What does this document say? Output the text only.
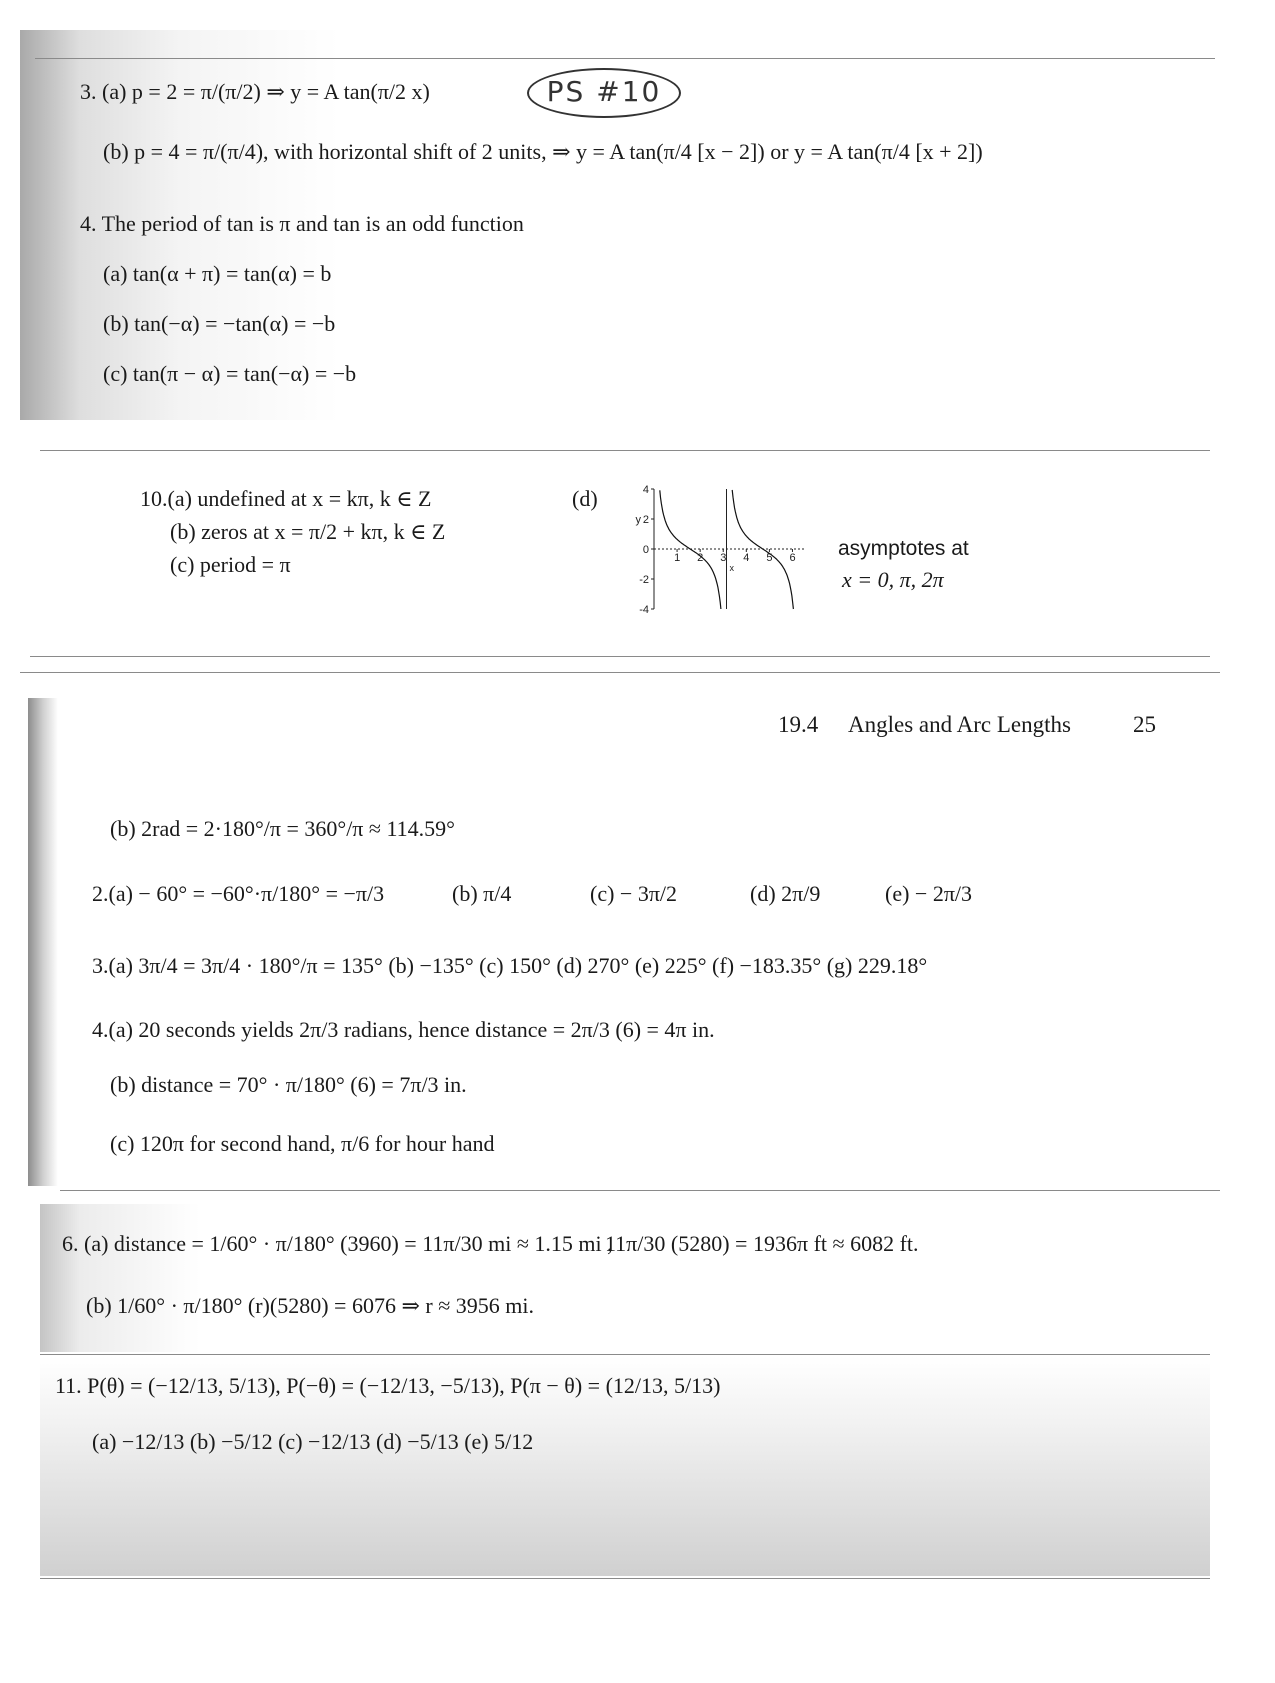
PS #10
3. (a) p = 2 = π/(π/2) ⇒ y = A tan(π/2 x)
(b) p = 4 = π/(π/4), with horizontal shift of 2 units, ⇒ y = A tan(π/4 [x − 2]) or y = A tan(π/4 [x + 2])
4. The period of tan is π and tan is an odd function
(a) tan(α + π) = tan(α) = b
(b) tan(−α) = −tan(α) = −b
(c) tan(π − α) = tan(−α) = −b
10.(a) undefined at x = kπ, k ∈ Z
(b) zeros at x = π/2 + kπ, k ∈ Z
(c) period = π
(d)	4
2
0
-2
-4
y
1 2 3 4 5 6
x
asymptotes at
x = 0, π, 2π
19.4 Angles and Arc Lengths	25
(b) 2rad = 2·180°/π = 360°/π ≈ 114.59°
2.(a) − 60° = −60°·π/180° = −π/3	(b) π/4	(c) − 3π/2	(d) 2π/9	(e) − 2π/3
3.(a) 3π/4 = 3π/4 · 180°/π = 135° (b) −135° (c) 150° (d) 270° (e) 225° (f) −183.35° (g) 229.18°
4.(a) 20 seconds yields 2π/3 radians, hence distance = 2π/3 (6) = 4π in.
(b) distance = 70° · π/180° (6) = 7π/3 in.
(c) 120π for second hand, π/6 for hour hand
6. (a) distance = 1/60° · π/180° (3960) = 11π/30 mi ≈ 1.15 mi ,
11π/30 (5280) = 1936π ft ≈ 6082 ft.
(b) 1/60° · π/180° (r)(5280) = 6076 ⇒ r ≈ 3956 mi.
11. P(θ) = (−12/13, 5/13), P(−θ) = (−12/13, −5/13), P(π − θ) = (12/13, 5/13)
(a) −12/13 (b) −5/12 (c) −12/13 (d) −5/13 (e) 5/12
